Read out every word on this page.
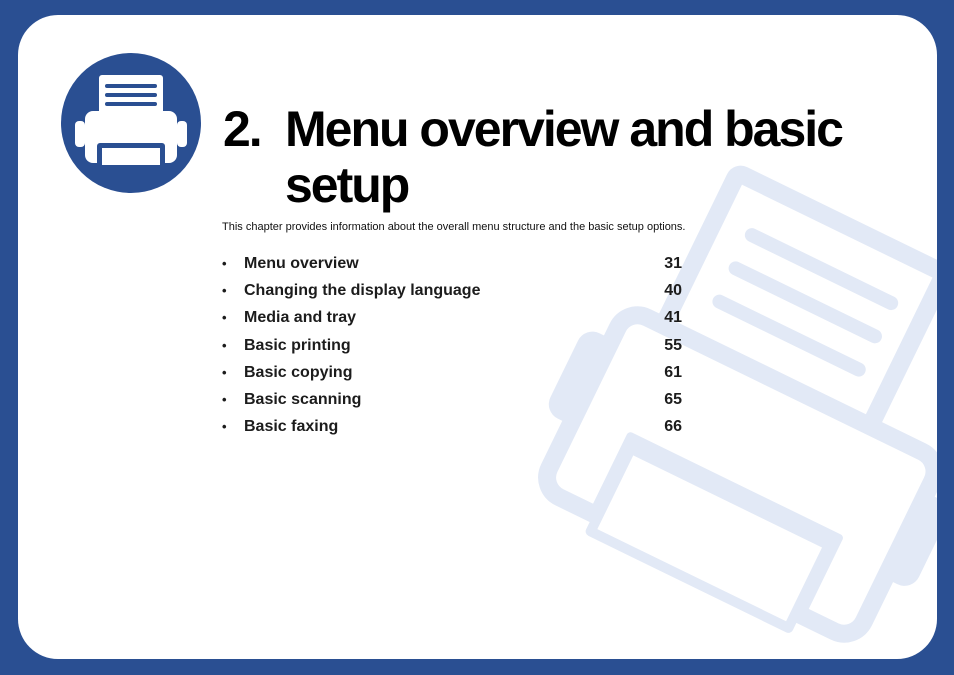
2. Menu overview and basic
setup
This chapter provides information about the overall menu structure and the basic setup options.
• Menu overview	31
• Changing the display language	40
• Media and tray	41
• Basic printing	55
• Basic copying	61
• Basic scanning	65
• Basic faxing	66
